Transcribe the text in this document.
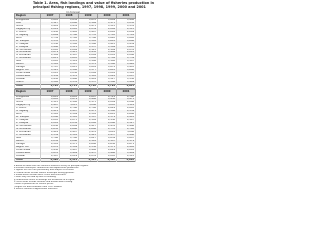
Table 1. Area, fish landings and value of fisheries production in
principal fishing regions, 1997, 1998, 1999, 2000 and 2001
(in tonnes)
Region	1997	1998	1999	2000	2001
Philippines	1,805	1,834	1,870	1,899	1,948
CAR	1,127	1,098	1,164	1,173	1,232
Ilocos	1,401	1,451	1,475	1,513	1,531
Cagayan Vy	2,214	2,265	2,239	2,294	2,315
C. Luzon	1,958	1,902	1,987	2,016	2,049
S. Tagalog	1,669	1,706	1,733	1,765	1,791
Bicol	1,734	1,762	1,788	1,820	1,862
W. Visayas	1,533	1,570	1,583	1,612	1,668
C. Visayas	1,356	1,382	1,396	1,415	1,439
E. Visayas	1,488	1,511	1,557	1,569	1,610
W. Mindanao	2,063	2,094	2,123	2,189	2,231
N. Mindanao	1,879	1,913	1,952	1,984	2,012
S. Mindanao	2,144	2,187	2,204	2,241	2,288
C. Mindanao	1,611	1,645	1,682	1,704	1,739
NCR	1,093	1,114	1,148	1,162	1,187
ARMM	1,316	1,347	1,372	1,398	1,426
Caraga	1,787	1,815	1,841	1,874	1,903
Region XIII	1,523	1,548	1,577	1,612	1,640
Other areas	1,212	1,236	1,264	1,291	1,318
Unallocated	1,154	1,178	1,193	1,224	1,247
Coastal	1,438	1,466	1,491	1,527	1,556
Inland	1,302	1,331	1,357	1,388	1,409
Total	1,702	1,731	1,766	1,799	1,835
Region	1997	1998	1999	2000	2001
Philippines	2,612	2,643	2,687	2,721	2,760
CAR	1,845	1,879	1,906	1,938	1,971
Ilocos	2,113	2,148	2,175	2,209	2,246
Cagayan Vy	2,987	3,015	3,046	3,083	3,114
C. Luzon	2,734	2,766	2,798	2,829	2,865
S. Tagalog	2,411	2,447	2,473	2,508	2,539
Bicol	2,516	2,549	2,581	2,612	2,648
W. Visayas	2,288	2,316	2,347	2,379	2,412
C. Visayas	2,043	2,075	2,104	2,136	2,167
E. Visayas	2,201	2,234	2,262	2,296	2,327
W. Mindanao	2,856	2,889	2,917	2,951	2,986
N. Mindanao	2,632	2,668	2,696	2,731	2,762
S. Mindanao	2,914	2,947	2,978	3,012	3,046
C. Mindanao	2,359	2,391	2,423	2,457	2,488
NCR	1,768	1,796	1,827	1,859	1,887
ARMM	2,054	2,086	2,118	2,147	2,179
Caraga	2,541	2,573	2,606	2,638	2,671
Region XIII	2,276	2,309	2,338	2,371	2,402
Other areas	1,938	1,967	1,998	2,029	2,061
Unallocated	1,876	1,909	1,937	1,968	1,999
Coastal	2,187	2,219	2,251	2,283	2,315
Total	2,498	2,531	2,563	2,596	2,628
a Based on data from the fisheries statistics survey of principal regions.
b Includes municipal, commercial and aquaculture production.
c Figures for 2001 are preliminary and subject to revision.
d Coastal areas include marine municipal fishing grounds.
e Inland areas include lakes, rivers and reservoirs.
f Totals may not add up due to rounding.
g Unallocated refers to landings not attributed to a region.
h Other areas include offshore and distant-water fishing.
i Value of production at current prices.
j Region XIII data available from 1997 onward.
k Source: Bureau of Agricultural Statistics.
